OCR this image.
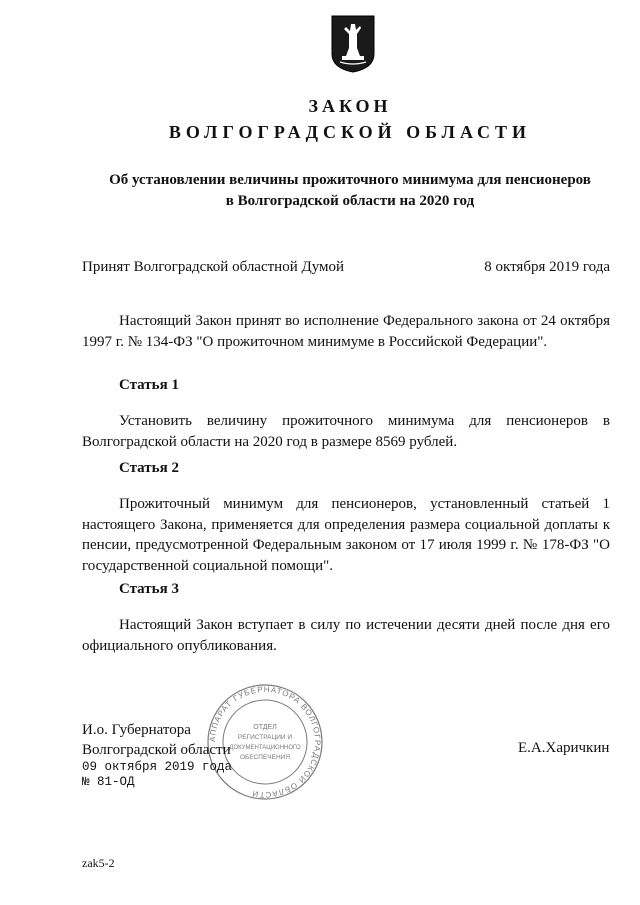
ЗАКОН
ВОЛГОГРАДСКОЙ ОБЛАСТИ
Об установлении величины прожиточного минимума для пенсионеров
в Волгоградской области на 2020 год
Принят Волгоградской областной Думой	8 октября 2019 года
Настоящий Закон принят во исполнение Федерального закона от 24 октября 1997 г. № 134-ФЗ "О прожиточном минимуме в Российской Федерации".
Статья 1
Установить величину прожиточного минимума для пенсионеров в Волгоградской области на 2020 год в размере 8569 рублей.
Статья 2
Прожиточный минимум для пенсионеров, установленный статьей 1 настоящего Закона, применяется для определения размера социальной доплаты к пенсии, предусмотренной Федеральным законом от 17 июля 1999 г. № 178-ФЗ "О государственной социальной помощи".
Статья 3
Настоящий Закон вступает в силу по истечении десяти дней после дня его официального опубликования.
АППАРАТ ГУБЕРНАТОРА ВОЛГОГРАДСКОЙ ОБЛАСТИ
ОТДЕЛ
РЕГИСТРАЦИИ И
ДОКУМЕНТАЦИОННОГО
ОБЕСПЕЧЕНИЯ
И.о. Губернатора
Волгоградской области	Е.А.Харичкин
09 октября 2019 года
№ 81-ОД
zak5-2
